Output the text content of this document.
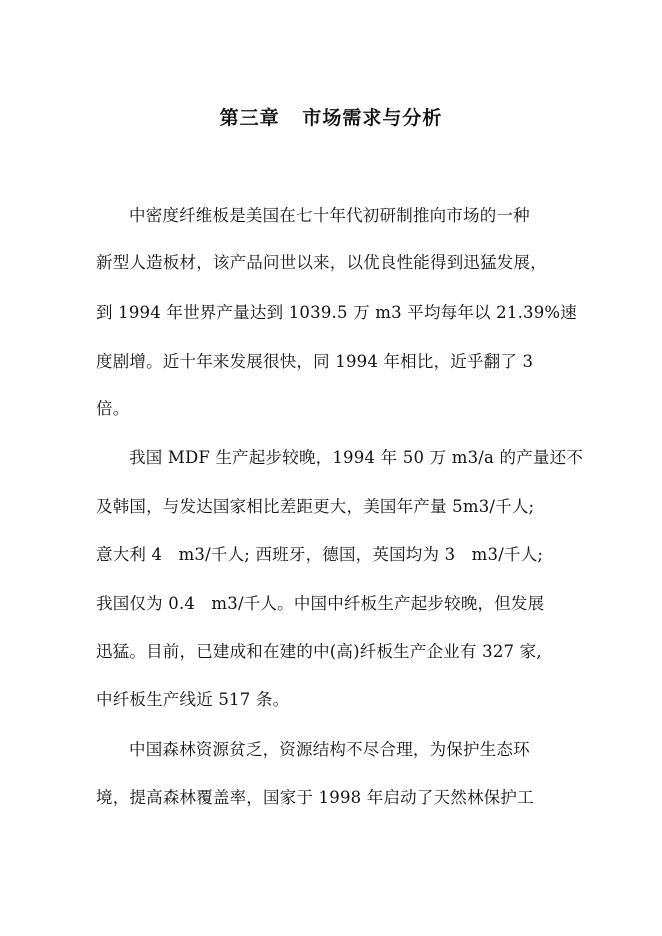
第三章   市场需求与分析
中密度纤维板是美国在七十年代初研制推向市场的一种
新型人造板材，该产品问世以来，以优良性能得到迅猛发展，
到 1994 年世界产量达到 1039.5 万 m3 平均每年以 21.39%速
度剧增。近十年来发展很快，同 1994 年相比，近乎翻了 3
倍。
我国 MDF 生产起步较晚，1994 年 50 万 m3/a 的产量还不
及韩国，与发达国家相比差距更大，美国年产量 5m3/千人;
意大利 4   m3/千人; 西班牙，德国，英国均为 3   m3/千人;
我国仅为 0.4   m3/千人。中国中纤板生产起步较晚，但发展
迅猛。目前，已建成和在建的中(高)纤板生产企业有 327 家,
中纤板生产线近 517 条。
中国森林资源贫乏，资源结构不尽合理，为保护生态环
境，提高森林覆盖率，国家于 1998 年启动了天然林保护工
